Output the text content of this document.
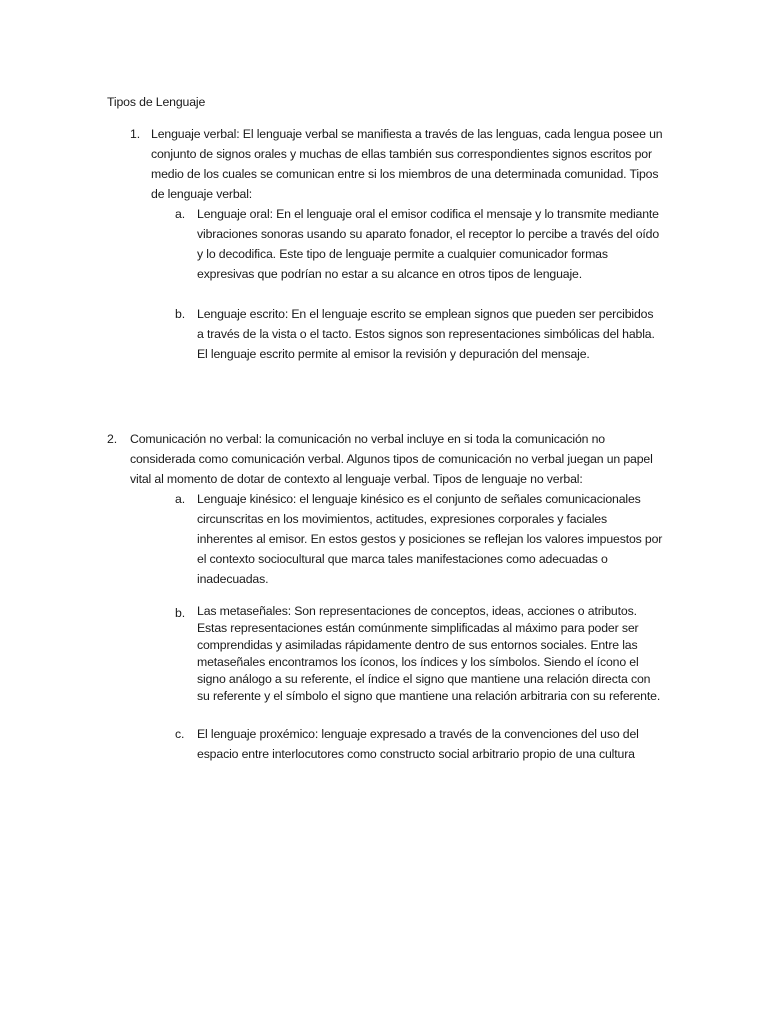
Tipos de Lenguaje
1. Lenguaje verbal: El lenguaje verbal se manifiesta a través de las lenguas, cada lengua posee un conjunto de signos orales y muchas de ellas también sus correspondientes signos escritos por medio de los cuales se comunican entre si los miembros de una determinada comunidad. Tipos de lenguaje verbal:

a. Lenguaje oral: En el lenguaje oral el emisor codifica el mensaje y lo transmite mediante vibraciones sonoras usando su aparato fonador, el receptor lo percibe a través del oído y lo decodifica. Este tipo de lenguaje permite a cualquier comunicador formas expresivas que podrían no estar a su alcance en otros tipos de lenguaje.

b. Lenguaje escrito: En el lenguaje escrito se emplean signos que pueden ser percibidos a través de la vista o el tacto. Estos signos son representaciones simbólicas del habla. El lenguaje escrito permite al emisor la revisión y depuración del mensaje.

2. Comunicación no verbal: la comunicación no verbal incluye en si toda la comunicación no considerada como comunicación verbal. Algunos tipos de comunicación no verbal juegan un papel vital al momento de dotar de contexto al lenguaje verbal. Tipos de lenguaje no verbal:

a. Lenguaje kinésico: el lenguaje kinésico es el conjunto de señales comunicacionales circunscritas en los movimientos, actitudes, expresiones corporales y faciales inherentes al emisor. En estos gestos y posiciones se reflejan los valores impuestos por el contexto sociocultural que marca tales manifestaciones como adecuadas o inadecuadas.

b. Las metaseñales: Son representaciones de conceptos, ideas, acciones o atributos. Estas representaciones están comúnmente simplificadas al máximo para poder ser comprendidas y asimiladas rápidamente dentro de sus entornos sociales. Entre las metaseñales encontramos los íconos, los índices y los símbolos. Siendo el ícono el signo análogo a su referente, el índice el signo que mantiene una relación directa con su referente y el símbolo el signo que mantiene una relación arbitraria con su referente.

c. El lenguaje proxémico: lenguaje expresado a través de la convenciones del uso del espacio entre interlocutores como constructo social arbitrario propio de una cultura
